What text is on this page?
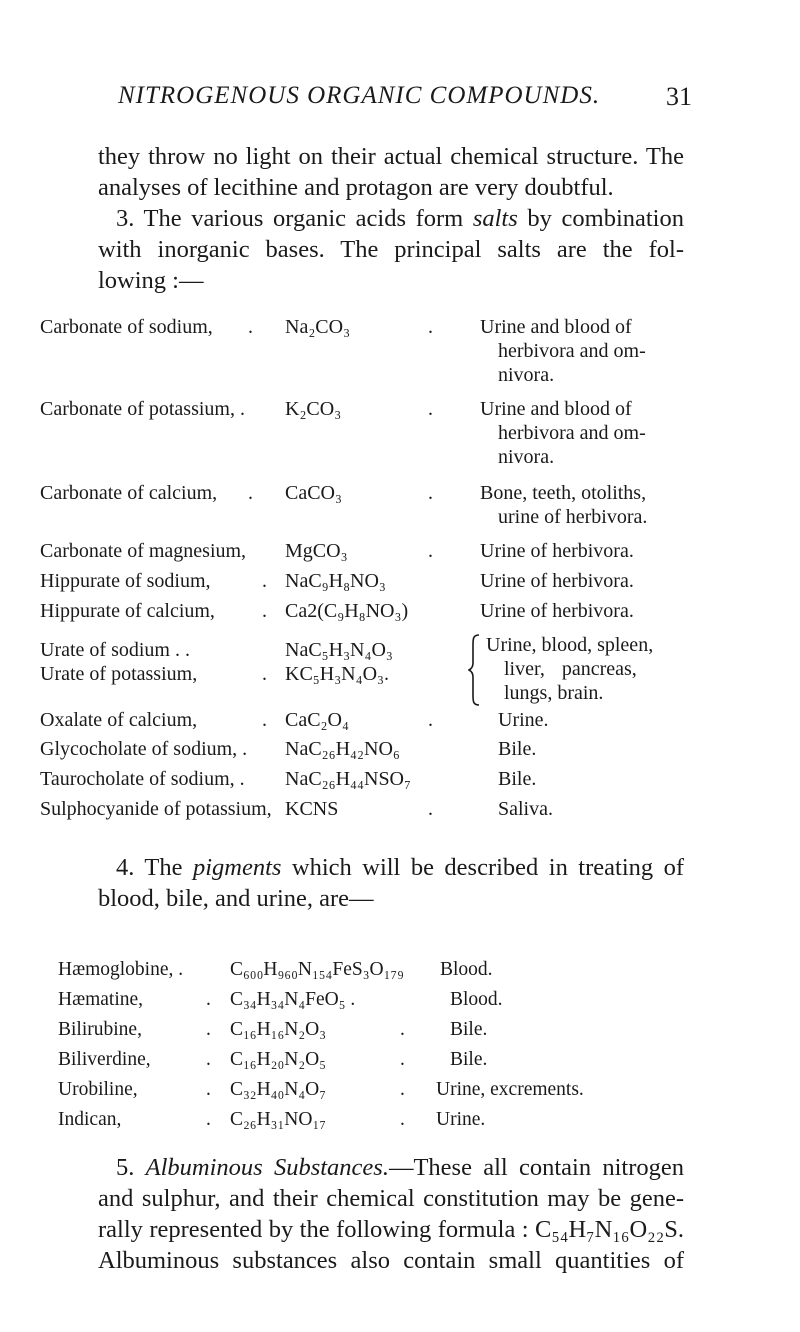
NITROGENOUS ORGANIC COMPOUNDS.	31
they throw no light on their actual chemical structure. The
analyses of lecithine and protagon are very doubtful.
3. The various organic acids form salts by combination
with inorganic bases. The principal salts are the fol-
lowing :—
Carbonate of sodium, . Na₂CO₃	. Urine and blood of
herbivora and om-
nivora.
Carbonate of potassium, . K₂CO₃	. Urine and blood of
herbivora and om-
nivora.
Carbonate of calcium, . CaCO₃	. Bone, teeth, otoliths,
urine of herbivora.
Carbonate of magnesium, MgCO₃	. Urine of herbivora.
Hippurate of sodium,	. NaC₉H₈NO₃	Urine of herbivora.
Hippurate of calcium, . Ca2(C₉H₈NO₃)	Urine of herbivora.
Urate of sodium . .	NaC₅H₃N₄O₃
Urate of potassium,	. KC₅H₃N₄O₃.
Urine, blood, spleen,
liver, pancreas,
lungs, brain.
Oxalate of calcium,	. CaC₂O₄	.	Urine.
Glycocholate of sodium, . NaC₂₆H₄₂NO₆	Bile.
Taurocholate of sodium, . NaC₂₆H₄₄NSO₇	Bile.
Sulphocyanide of potassium, KCNS	.	Saliva.
4. The pigments which will be described in treating of
blood, bile, and urine, are—
Hæmoglobine, . C₆₀₀H₉₆₀N₁₅₄FeS₃O₁₇₉ Blood.
Hæmatine,	. C₃₄H₃₄N₄FeO₅ .	Blood.
Bilirubine,	. C₁₆H₁₆N₂O₃	. Bile.
Biliverdine,	. C₁₆H₂₀N₂O₅	. Bile.
Urobiline,	. C₃₂H₄₀N₄O₇	. Urine, excrements.
Indican,	. C₂₆H₃₁NO₁₇	. Urine.
5. Albuminous Substances.—These all contain nitrogen
and sulphur, and their chemical constitution may be gene-
rally represented by the following formula : C₅₄H₇N₁₆O₂₂S.
Albuminous substances also contain small quantities of
